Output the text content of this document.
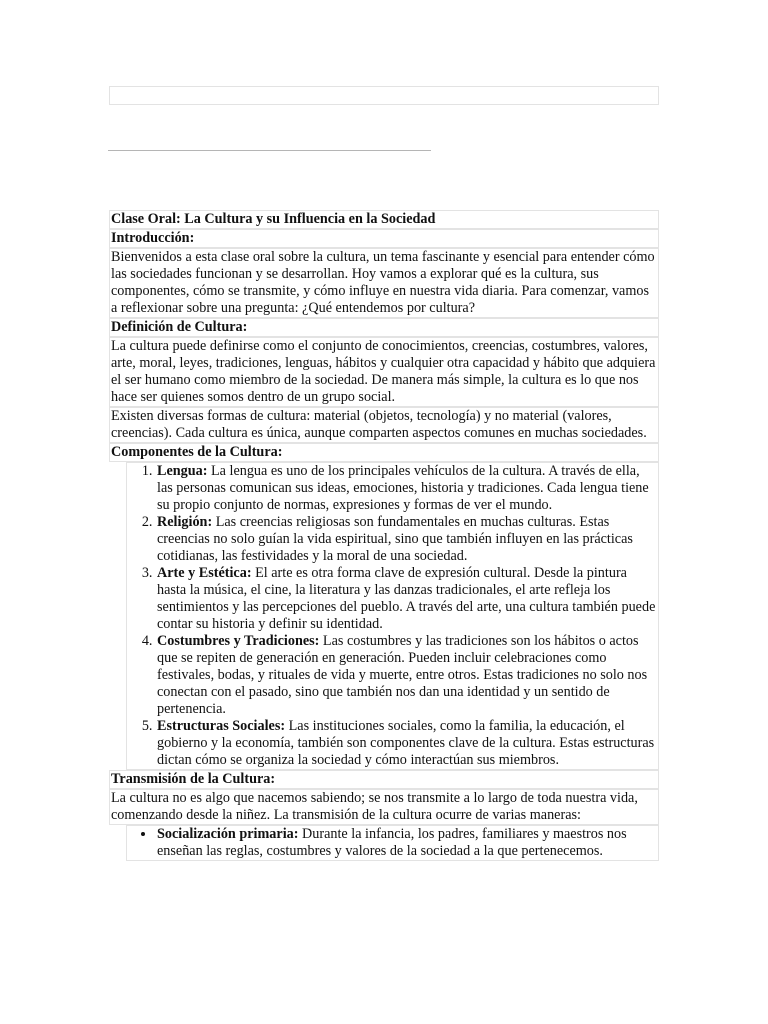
Clase Oral: La Cultura y su Influencia en la Sociedad
Introducción:

Bienvenidos a esta clase oral sobre la cultura, un tema fascinante y esencial para entender cómo las sociedades funcionan y se desarrollan. Hoy vamos a explorar qué es la cultura, sus componentes, cómo se transmite, y cómo influye en nuestra vida diaria. Para comenzar, vamos a reflexionar sobre una pregunta: ¿Qué entendemos por cultura?

Definición de Cultura:

La cultura puede definirse como el conjunto de conocimientos, creencias, costumbres, valores, arte, moral, leyes, tradiciones, lenguas, hábitos y cualquier otra capacidad y hábito que adquiera el ser humano como miembro de la sociedad. De manera más simple, la cultura es lo que nos hace ser quienes somos dentro de un grupo social.

Existen diversas formas de cultura: material (objetos, tecnología) y no material (valores, creencias). Cada cultura es única, aunque comparten aspectos comunes en muchas sociedades.

Componentes de la Cultura:
1. Lengua: La lengua es uno de los principales vehículos de la cultura. A través de ella, las personas comunican sus ideas, emociones, historia y tradiciones. Cada lengua tiene su propio conjunto de normas, expresiones y formas de ver el mundo.
2. Religión: Las creencias religiosas son fundamentales en muchas culturas. Estas creencias no solo guían la vida espiritual, sino que también influyen en las prácticas cotidianas, las festividades y la moral de una sociedad.
3. Arte y Estética: El arte es otra forma clave de expresión cultural. Desde la pintura hasta la música, el cine, la literatura y las danzas tradicionales, el arte refleja los sentimientos y las percepciones del pueblo. A través del arte, una cultura también puede contar su historia y definir su identidad.
4. Costumbres y Tradiciones: Las costumbres y las tradiciones son los hábitos o actos que se repiten de generación en generación. Pueden incluir celebraciones como festivales, bodas, y rituales de vida y muerte, entre otros. Estas tradiciones no solo nos conectan con el pasado, sino que también nos dan una identidad y un sentido de pertenencia.
5. Estructuras Sociales: Las instituciones sociales, como la familia, la educación, el gobierno y la economía, también son componentes clave de la cultura. Estas estructuras dictan cómo se organiza la sociedad y cómo interactúan sus miembros.
Transmisión de la Cultura:

La cultura no es algo que nacemos sabiendo; se nos transmite a lo largo de toda nuestra vida, comenzando desde la niñez. La transmisión de la cultura ocurre de varias maneras:

• Socialización primaria: Durante la infancia, los padres, familiares y maestros nos enseñan las reglas, costumbres y valores de la sociedad a la que pertenecemos.
